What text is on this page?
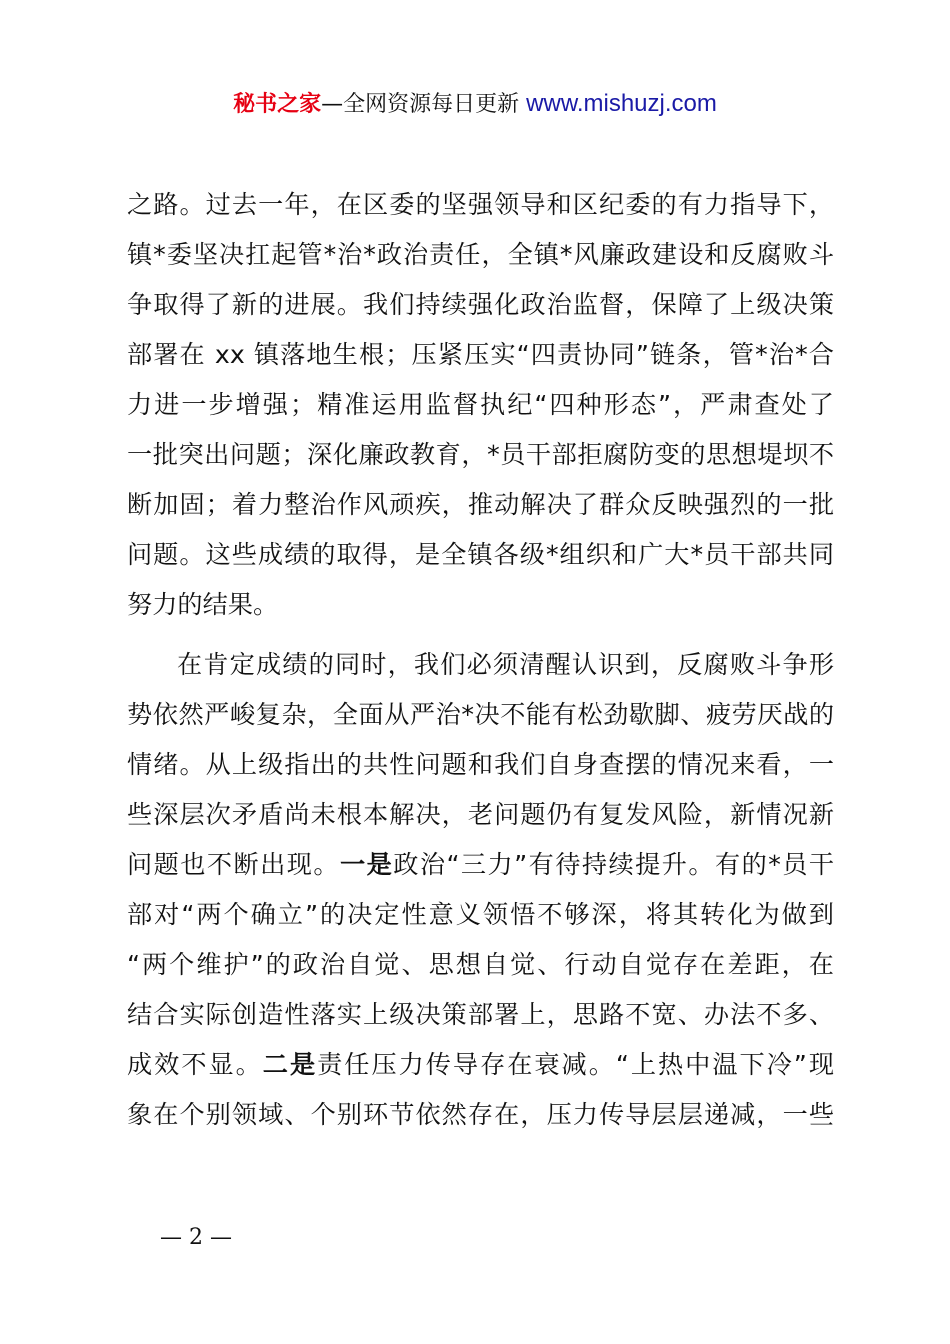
秘书之家—全网资源每日更新 www.mishuzj.com
之路。过去一年，在区委的坚强领导和区纪委的有力指导下，
镇*委坚决扛起管*治*政治责任，全镇*风廉政建设和反腐败斗
争取得了新的进展。我们持续强化政治监督，保障了上级决策
部署在 xx 镇落地生根；压紧压实“四责协同”链条，管*治*合
力进一步增强；精准运用监督执纪“四种形态”，严肃查处了
一批突出问题；深化廉政教育，*员干部拒腐防变的思想堤坝不
断加固；着力整治作风顽疾，推动解决了群众反映强烈的一批
问题。这些成绩的取得，是全镇各级*组织和广大*员干部共同
努力的结果。
在肯定成绩的同时，我们必须清醒认识到，反腐败斗争形
势依然严峻复杂，全面从严治*决不能有松劲歇脚、疲劳厌战的
情绪。从上级指出的共性问题和我们自身查摆的情况来看，一
些深层次矛盾尚未根本解决，老问题仍有复发风险，新情况新
问题也不断出现。一是政治“三力”有待持续提升。有的*员干
部对“两个确立”的决定性意义领悟不够深，将其转化为做到
“两个维护”的政治自觉、思想自觉、行动自觉存在差距，在
结合实际创造性落实上级决策部署上，思路不宽、办法不多、
成效不显。二是责任压力传导存在衰减。“上热中温下冷”现
象在个别领域、个别环节依然存在，压力传导层层递减，一些
— 2 —
